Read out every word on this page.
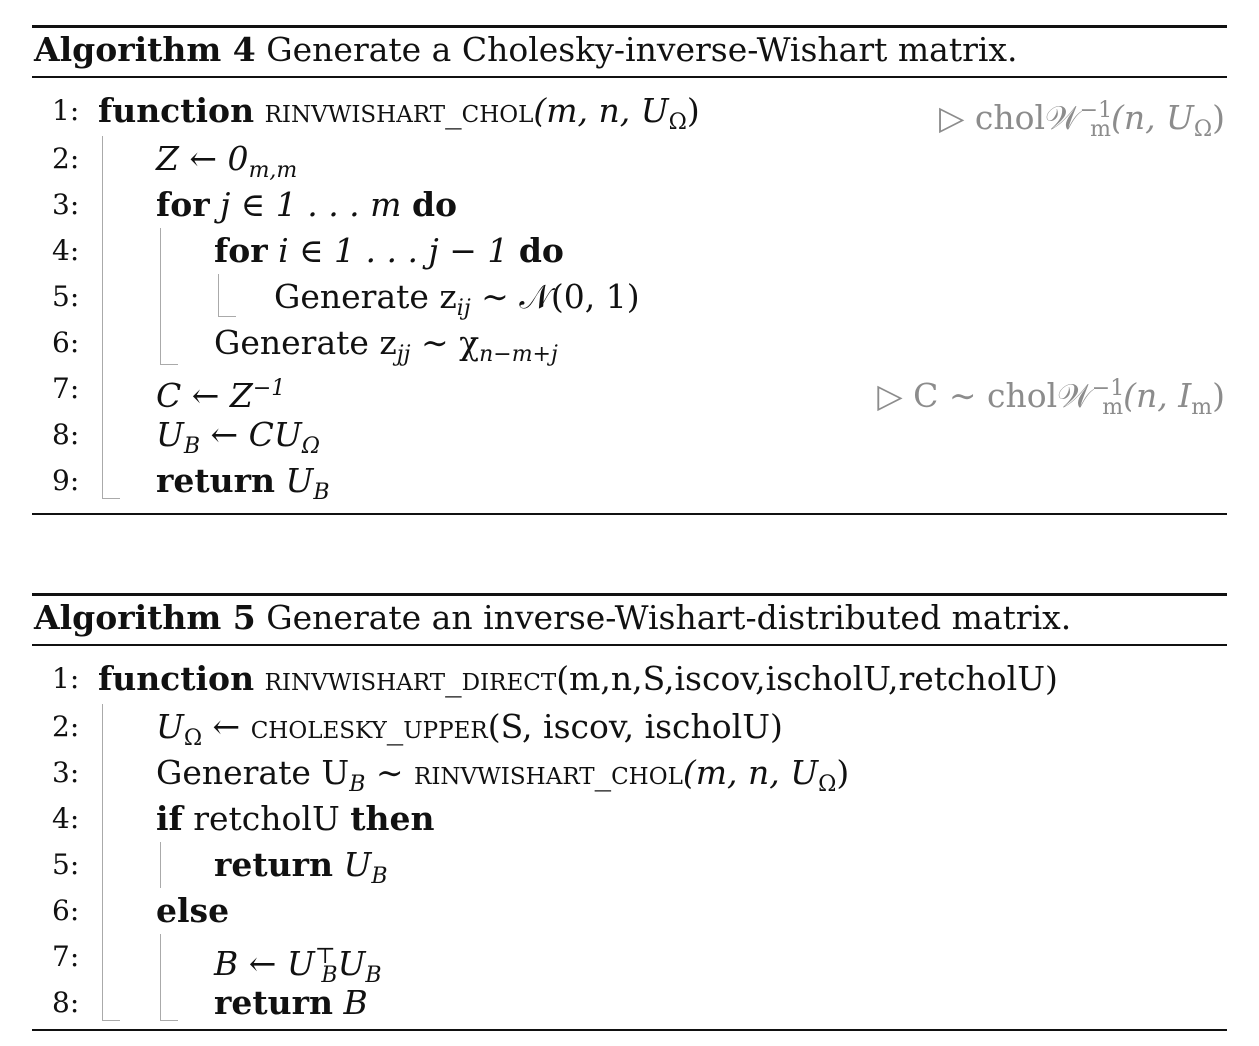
Algorithm 4 Generate a Cholesky-inverse-Wishart matrix.
1: function rinvwishart_chol(m, n, $U_\Omega$)	▷ chol𝒲$^{-1}_m$(n, $U_\Omega$)
2: Z ← $0_{m,m}$
3: for j ∈ 1 . . . m do
4:	for i ∈ 1 . . . j − 1 do
5:	Generate $z_{ij}$ ∼ 𝒩(0, 1)
6:	Generate $z_{jj}$ ∼ $\chi_{n-m+j}$
7: C ← $Z^{-1}$	▷ C ∼ chol𝒲$^{-1}_m$(n, $I_m$)
8: $U_B$ ← $CU_\Omega$
9: return $U_B$
Algorithm 5 Generate an inverse-Wishart-distributed matrix.
1: function rinvwishart_direct(m,n,S,iscov,ischolU,retcholU)
2: $U_\Omega$ ← cholesky_upper(S, iscov, ischolU)
3: Generate $U_B$ ∼ rinvwishart_chol(m, n, $U_\Omega$)
4: if retcholU then
5:	return $U_B$
6: else
7:	B ← $U^⊤_BU_B$
8:	return B
